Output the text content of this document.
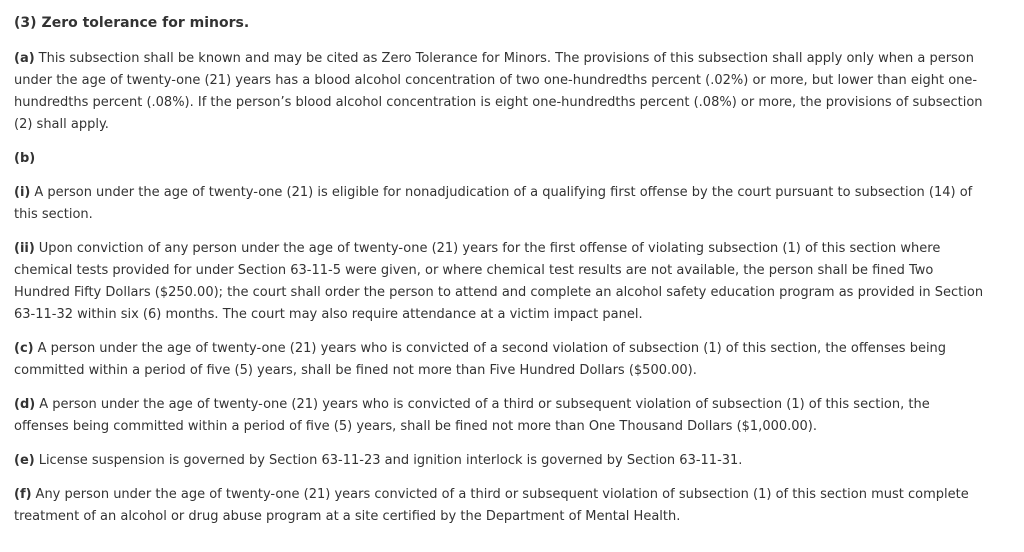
(3) Zero tolerance for minors.

(a) This subsection shall be known and may be cited as Zero Tolerance for Minors. The provisions of this subsection shall apply only when a person under the age of twenty-one (21) years has a blood alcohol concentration of two one-hundredths percent (.02%) or more, but lower than eight one-hundredths percent (.08%). If the person’s blood alcohol concentration is eight one-hundredths percent (.08%) or more, the provisions of subsection (2) shall apply.

(b)

(i) A person under the age of twenty-one (21) is eligible for nonadjudication of a qualifying first offense by the court pursuant to subsection (14) of this section.

(ii) Upon conviction of any person under the age of twenty-one (21) years for the first offense of violating subsection (1) of this section where chemical tests provided for under Section 63-11-5 were given, or where chemical test results are not available, the person shall be fined Two Hundred Fifty Dollars ($250.00); the court shall order the person to attend and complete an alcohol safety education program as provided in Section 63-11-32 within six (6) months. The court may also require attendance at a victim impact panel.

(c) A person under the age of twenty-one (21) years who is convicted of a second violation of subsection (1) of this section, the offenses being committed within a period of five (5) years, shall be fined not more than Five Hundred Dollars ($500.00).

(d) A person under the age of twenty-one (21) years who is convicted of a third or subsequent violation of subsection (1) of this section, the offenses being committed within a period of five (5) years, shall be fined not more than One Thousand Dollars ($1,000.00).

(e) License suspension is governed by Section 63-11-23 and ignition interlock is governed by Section 63-11-31.

(f) Any person under the age of twenty-one (21) years convicted of a third or subsequent violation of subsection (1) of this section must complete treatment of an alcohol or drug abuse program at a site certified by the Department of Mental Health.
